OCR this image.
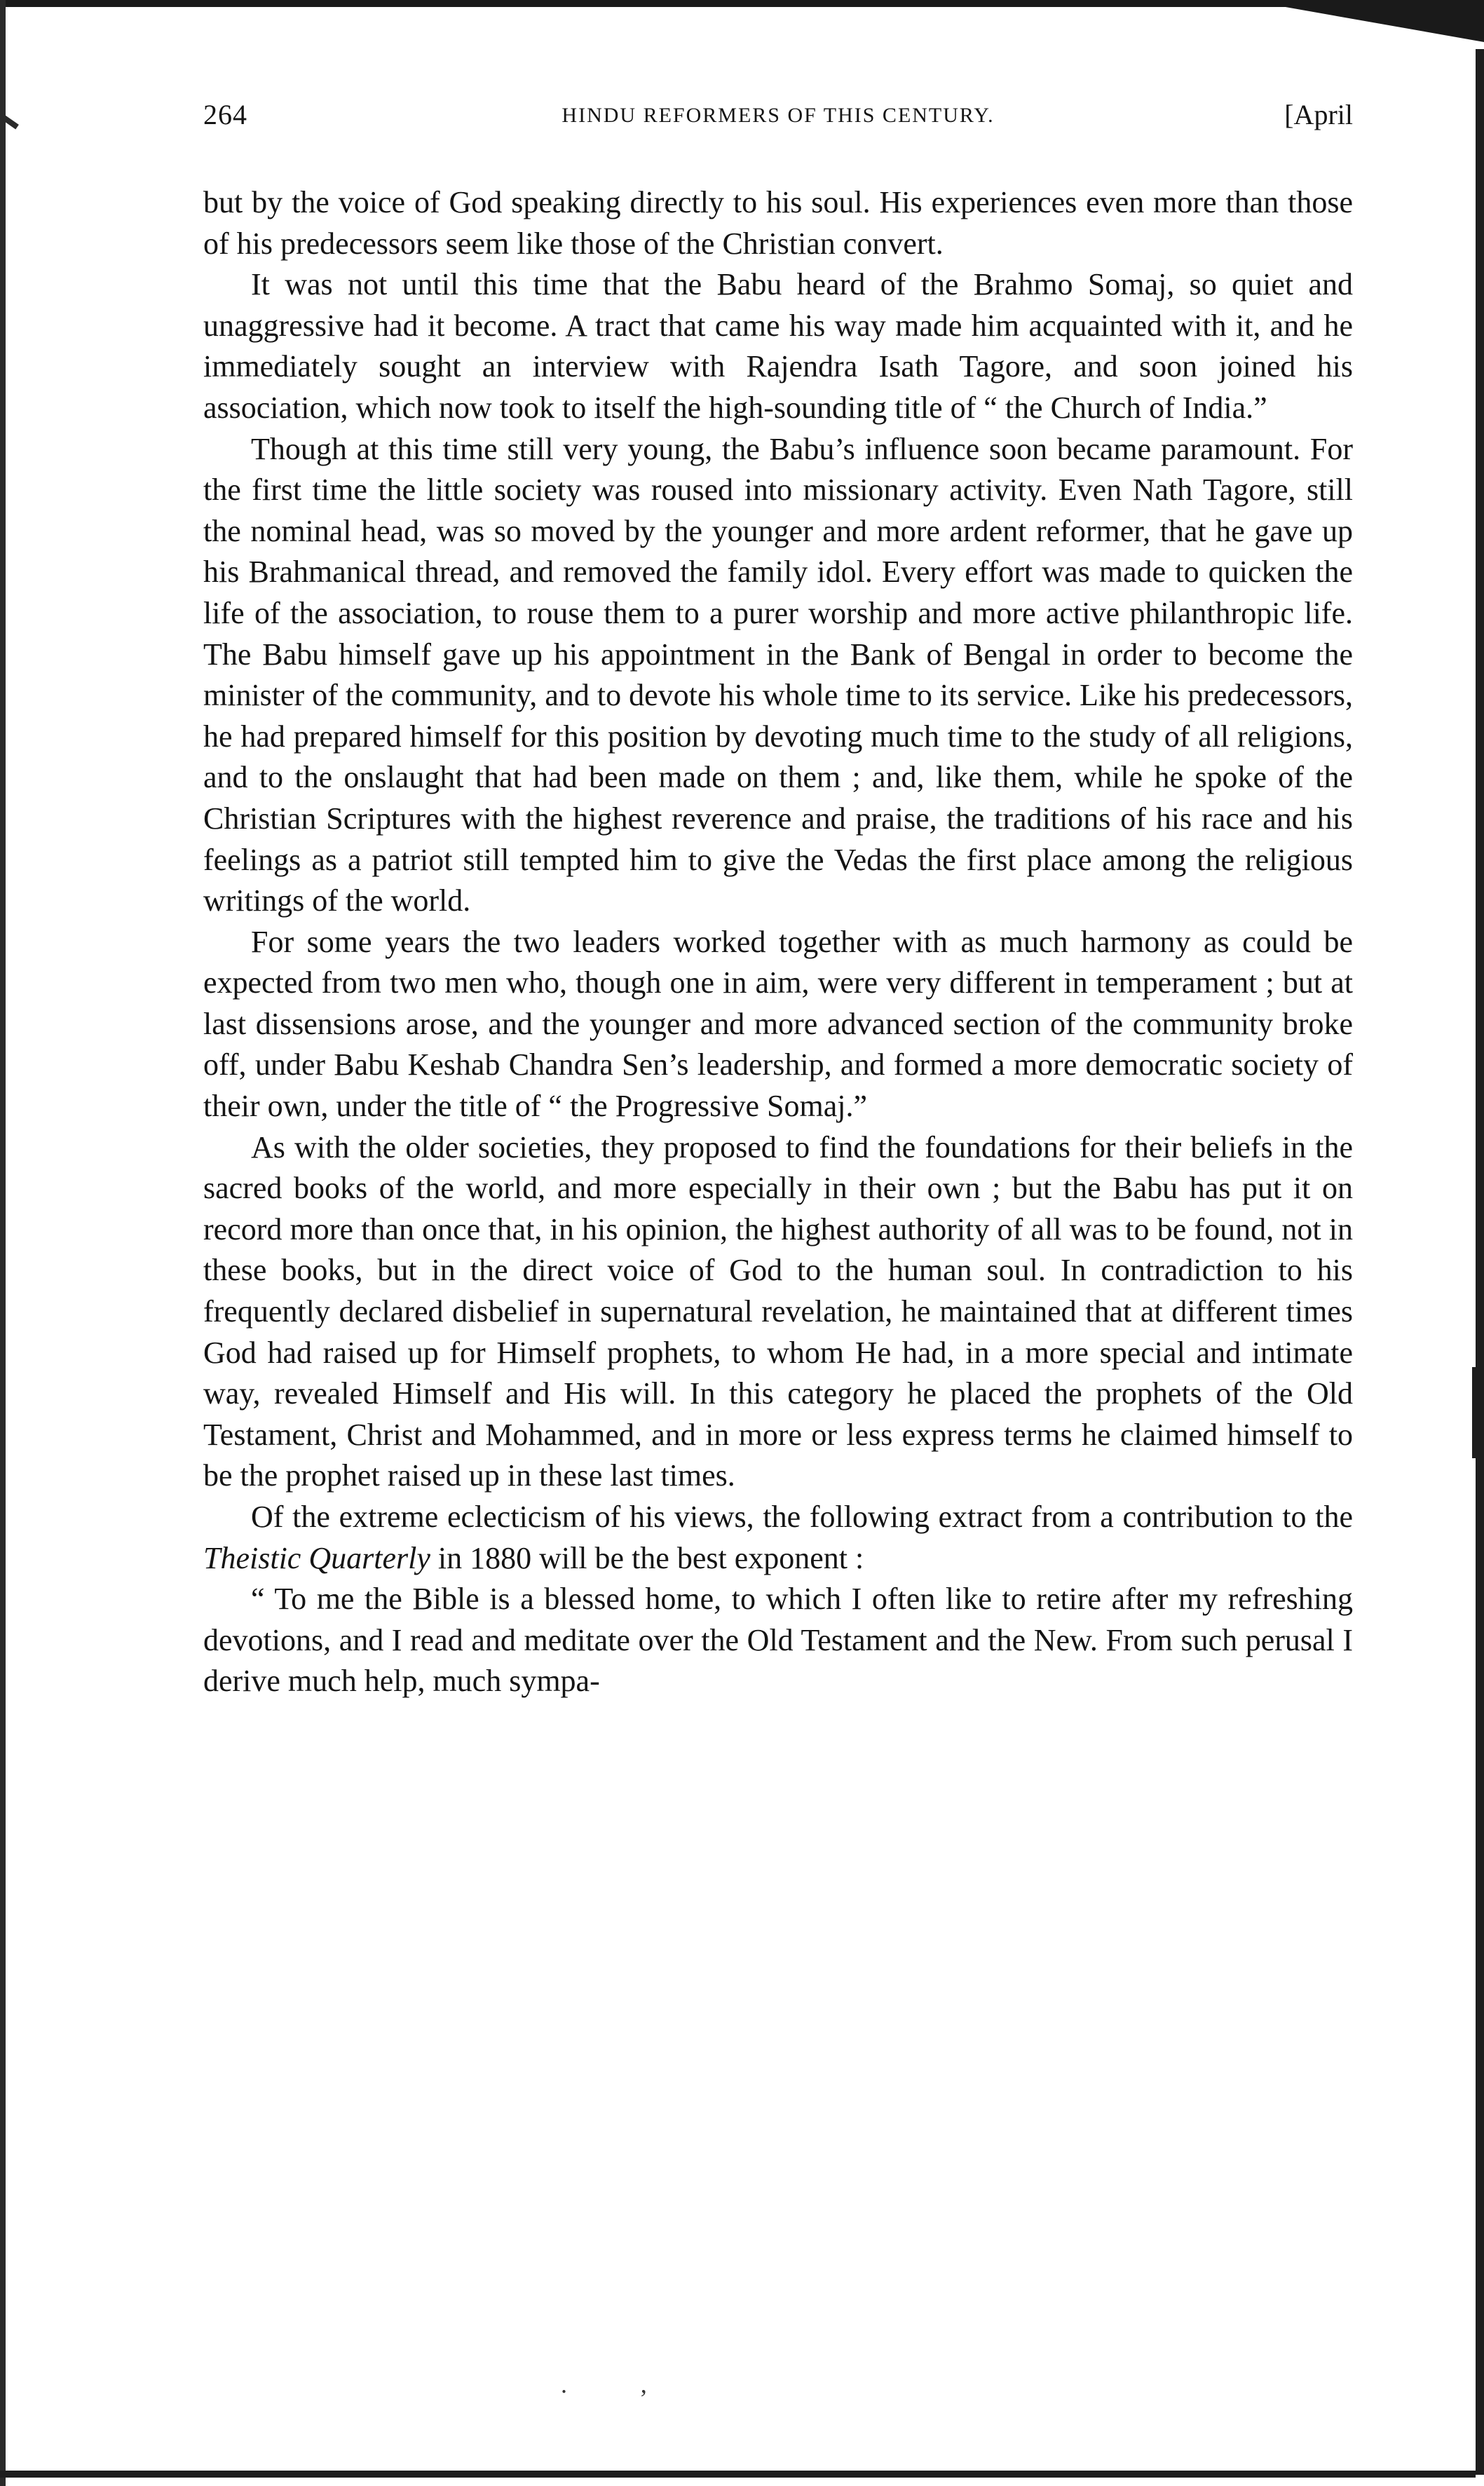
264	HINDU REFORMERS OF THIS CENTURY.	[April

but by the voice of God speaking directly to his soul. His experiences even more than those of his predecessors seem like those of the Christian convert.

It was not until this time that the Babu heard of the Brahmo Somaj, so quiet and unaggressive had it become. A tract that came his way made him acquainted with it, and he immediately sought an interview with Rajendra Isath Tagore, and soon joined his association, which now took to itself the high-sounding title of “ the Church of India.”

Though at this time still very young, the Babu’s influence soon became paramount. For the first time the little society was roused into missionary activity. Even Nath Tagore, still the nominal head, was so moved by the younger and more ardent reformer, that he gave up his Brahmanical thread, and removed the family idol. Every effort was made to quicken the life of the association, to rouse them to a purer worship and more active philanthropic life. The Babu himself gave up his appointment in the Bank of Bengal in order to become the minister of the community, and to devote his whole time to its service. Like his predecessors, he had prepared himself for this position by devoting much time to the study of all religions, and to the onslaught that had been made on them ; and, like them, while he spoke of the Christian Scriptures with the highest reverence and praise, the traditions of his race and his feelings as a patriot still tempted him to give the Vedas the first place among the religious writings of the world.

For some years the two leaders worked together with as much harmony as could be expected from two men who, though one in aim, were very different in temperament ; but at last dissensions arose, and the younger and more advanced section of the community broke off, under Babu Keshab Chandra Sen’s leadership, and formed a more democratic society of their own, under the title of “ the Progressive Somaj.”

As with the older societies, they proposed to find the foundations for their beliefs in the sacred books of the world, and more especially in their own ; but the Babu has put it on record more than once that, in his opinion, the highest authority of all was to be found, not in these books, but in the direct voice of God to the human soul. In contradiction to his frequently declared disbelief in supernatural revelation, he maintained that at different times God had raised up for Himself prophets, to whom He had, in a more special and intimate way, revealed Himself and His will. In this category he placed the prophets of the Old Testament, Christ and Mohammed, and in more or less express terms he claimed himself to be the prophet raised up in these last times.

Of the extreme eclecticism of his views, the following extract from a contribution to the Theistic Quarterly in 1880 will be the best exponent :

“ To me the Bible is a blessed home, to which I often like to retire after my refreshing devotions, and I read and meditate over the Old Testament and the New. From such perusal I derive much help, much sympa-

.	ʼ
